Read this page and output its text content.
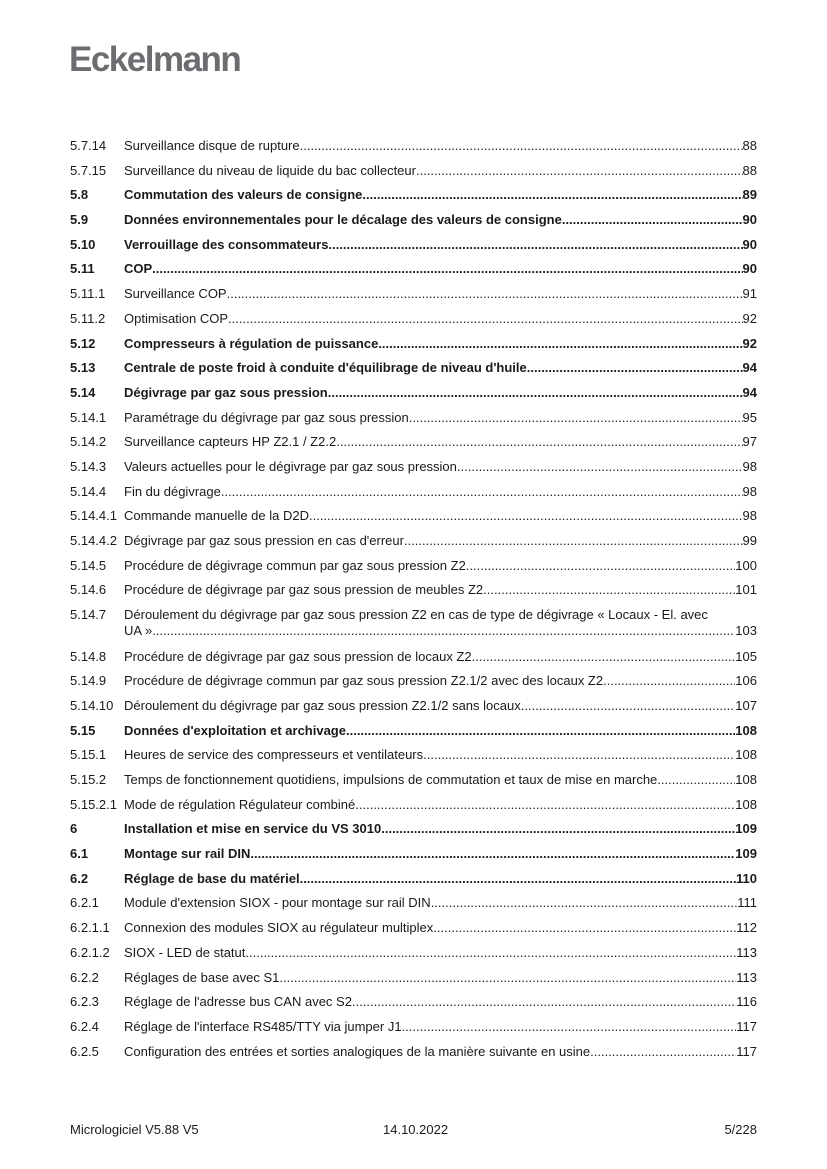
Eckelmann
5.7.14	Surveillance disque de rupture .....	88
5.7.15	Surveillance du niveau de liquide du bac collecteur .....	88
5.8	Commutation des valeurs de consigne .....	89
5.9	Données environnementales pour le décalage des valeurs de consigne .....	90
5.10	Verrouillage des consommateurs .....	90
5.11	COP .....	90
5.11.1	Surveillance COP .....	91
5.11.2	Optimisation COP .....	92
5.12	Compresseurs à régulation de puissance .....	92
5.13	Centrale de poste froid à conduite d'équilibrage de niveau d'huile .....	94
5.14	Dégivrage par gaz sous pression .....	94
5.14.1	Paramétrage du dégivrage par gaz sous pression .....	95
5.14.2	Surveillance capteurs HP Z2.1 / Z2.2 .....	97
5.14.3	Valeurs actuelles pour le dégivrage par gaz sous pression .....	98
5.14.4	Fin du dégivrage .....	98
5.14.4.1 Commande manuelle de la D2D .....	98
5.14.4.2 Dégivrage par gaz sous pression en cas d'erreur .....	99
5.14.5	Procédure de dégivrage commun par gaz sous pression Z2 .....	100
5.14.6	Procédure de dégivrage par gaz sous pression de meubles Z2 .....	101
5.14.7	Déroulement du dégivrage par gaz sous pression Z2 en cas de type de dégivrage « Locaux - El. avec
UA » .....	103
5.14.8	Procédure de dégivrage par gaz sous pression de locaux Z2 .....	105
5.14.9	Procédure de dégivrage commun par gaz sous pression Z2.1/2 avec des locaux Z2 .....	106
5.14.10 Déroulement du dégivrage par gaz sous pression Z2.1/2 sans locaux .....	107
5.15	Données d'exploitation et archivage .....	108
5.15.1	Heures de service des compresseurs et ventilateurs .....	108
5.15.2	Temps de fonctionnement quotidiens, impulsions de commutation et taux de mise en marche .....	108
5.15.2.1 Mode de régulation Régulateur combiné .....	108
6	Installation et mise en service du VS 3010 .....	109
6.1	Montage sur rail DIN .....	109
6.2	Réglage de base du matériel .....	110
6.2.1	Module d'extension SIOX - pour montage sur rail DIN .....	111
6.2.1.1	Connexion des modules SIOX au régulateur multiplex .....	112
6.2.1.2	SIOX - LED de statut .....	113
6.2.2	Réglages de base avec S1 .....	113
6.2.3	Réglage de l'adresse bus CAN avec S2 .....	116
6.2.4	Réglage de l'interface RS485/TTY via jumper J1 .....	117
6.2.5	Configuration des entrées et sorties analogiques de la manière suivante en usine .....	117
Micrologiciel V5.88 V5	14.10.2022	5/228
